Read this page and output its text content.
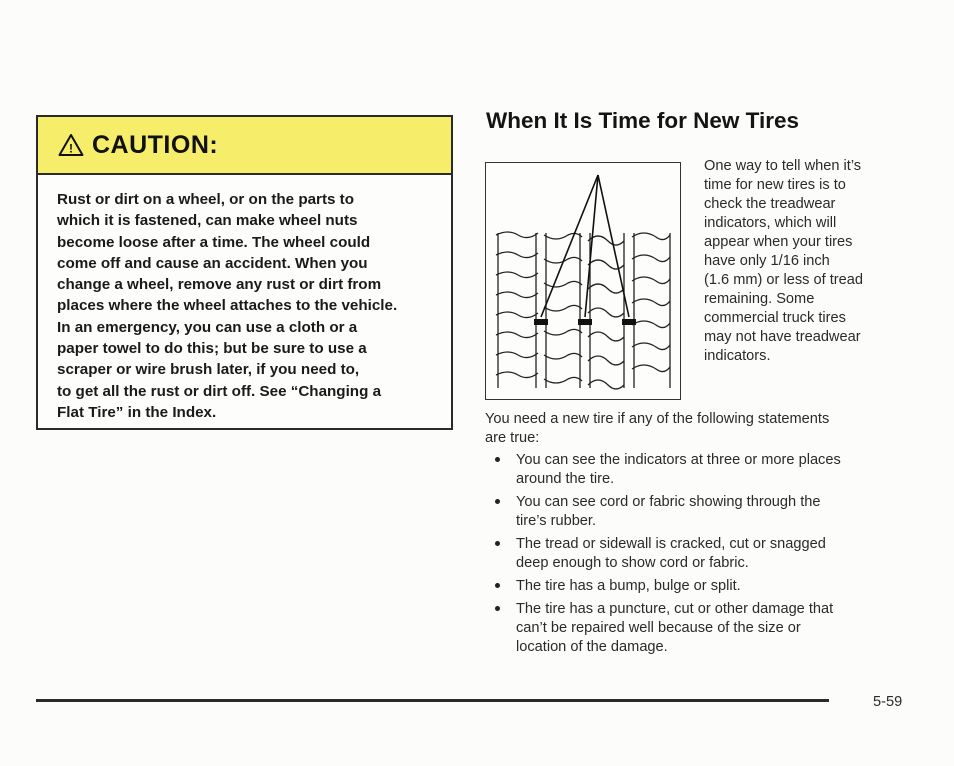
! CAUTION:
Rust or dirt on a wheel, or on the parts to
which it is fastened, can make wheel nuts
become loose after a time. The wheel could
come off and cause an accident. When you
change a wheel, remove any rust or dirt from
places where the wheel attaches to the vehicle.
In an emergency, you can use a cloth or a
paper towel to do this; but be sure to use a
scraper or wire brush later, if you need to,
to get all the rust or dirt off. See “Changing a
Flat Tire” in the Index.
When It Is Time for New Tires
One way to tell when it’s
time for new tires is to
check the treadwear
indicators, which will
appear when your tires
have only 1/16 inch
(1.6 mm) or less of tread
remaining. Some
commercial truck tires
may not have treadwear
indicators.
You need a new tire if any of the following statements
are true:
You can see the indicators at three or more places
around the tire.
You can see cord or fabric showing through the
tire’s rubber.
The tread or sidewall is cracked, cut or snagged
deep enough to show cord or fabric.
The tire has a bump, bulge or split.
The tire has a puncture, cut or other damage that
can’t be repaired well because of the size or
location of the damage.
5-59
